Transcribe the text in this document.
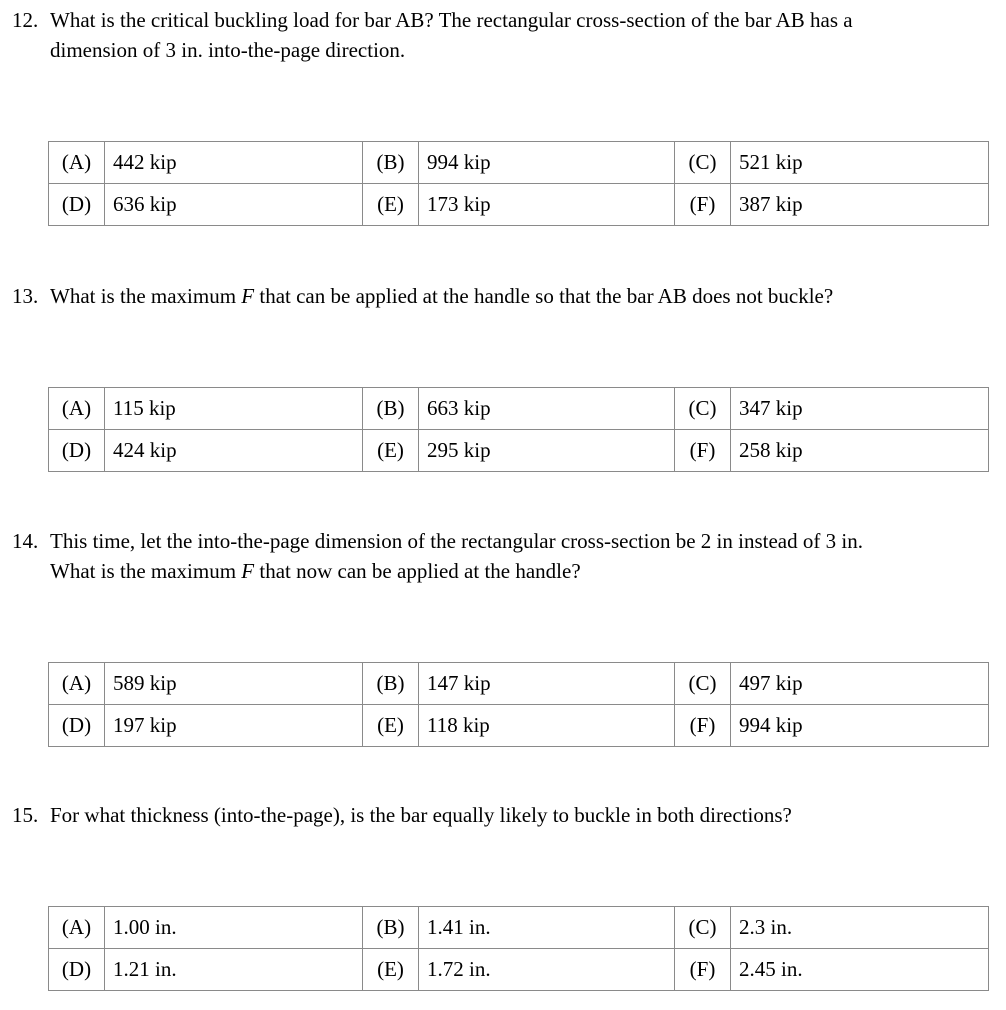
12. What is the critical buckling load for bar AB? The rectangular cross-section of the bar AB has a
dimension of 3 in. into-the-page direction.
(A)	442 kip	(B)	994 kip	(C)	521 kip
(D)	636 kip	(E)	173 kip	(F)	387 kip
13. What is the maximum F that can be applied at the handle so that the bar AB does not buckle?
(A)	115 kip	(B)	663 kip	(C)	347 kip
(D)	424 kip	(E)	295 kip	(F)	258 kip
14. This time, let the into-the-page dimension of the rectangular cross-section be 2 in instead of 3 in.
What is the maximum F that now can be applied at the handle?
(A)	589 kip	(B)	147 kip	(C)	497 kip
(D)	197 kip	(E)	118 kip	(F)	994 kip
15. For what thickness (into-the-page), is the bar equally likely to buckle in both directions?
(A)	1.00 in.	(B)	1.41 in.	(C)	2.3 in.
(D)	1.21 in.	(E)	1.72 in.	(F)	2.45 in.
